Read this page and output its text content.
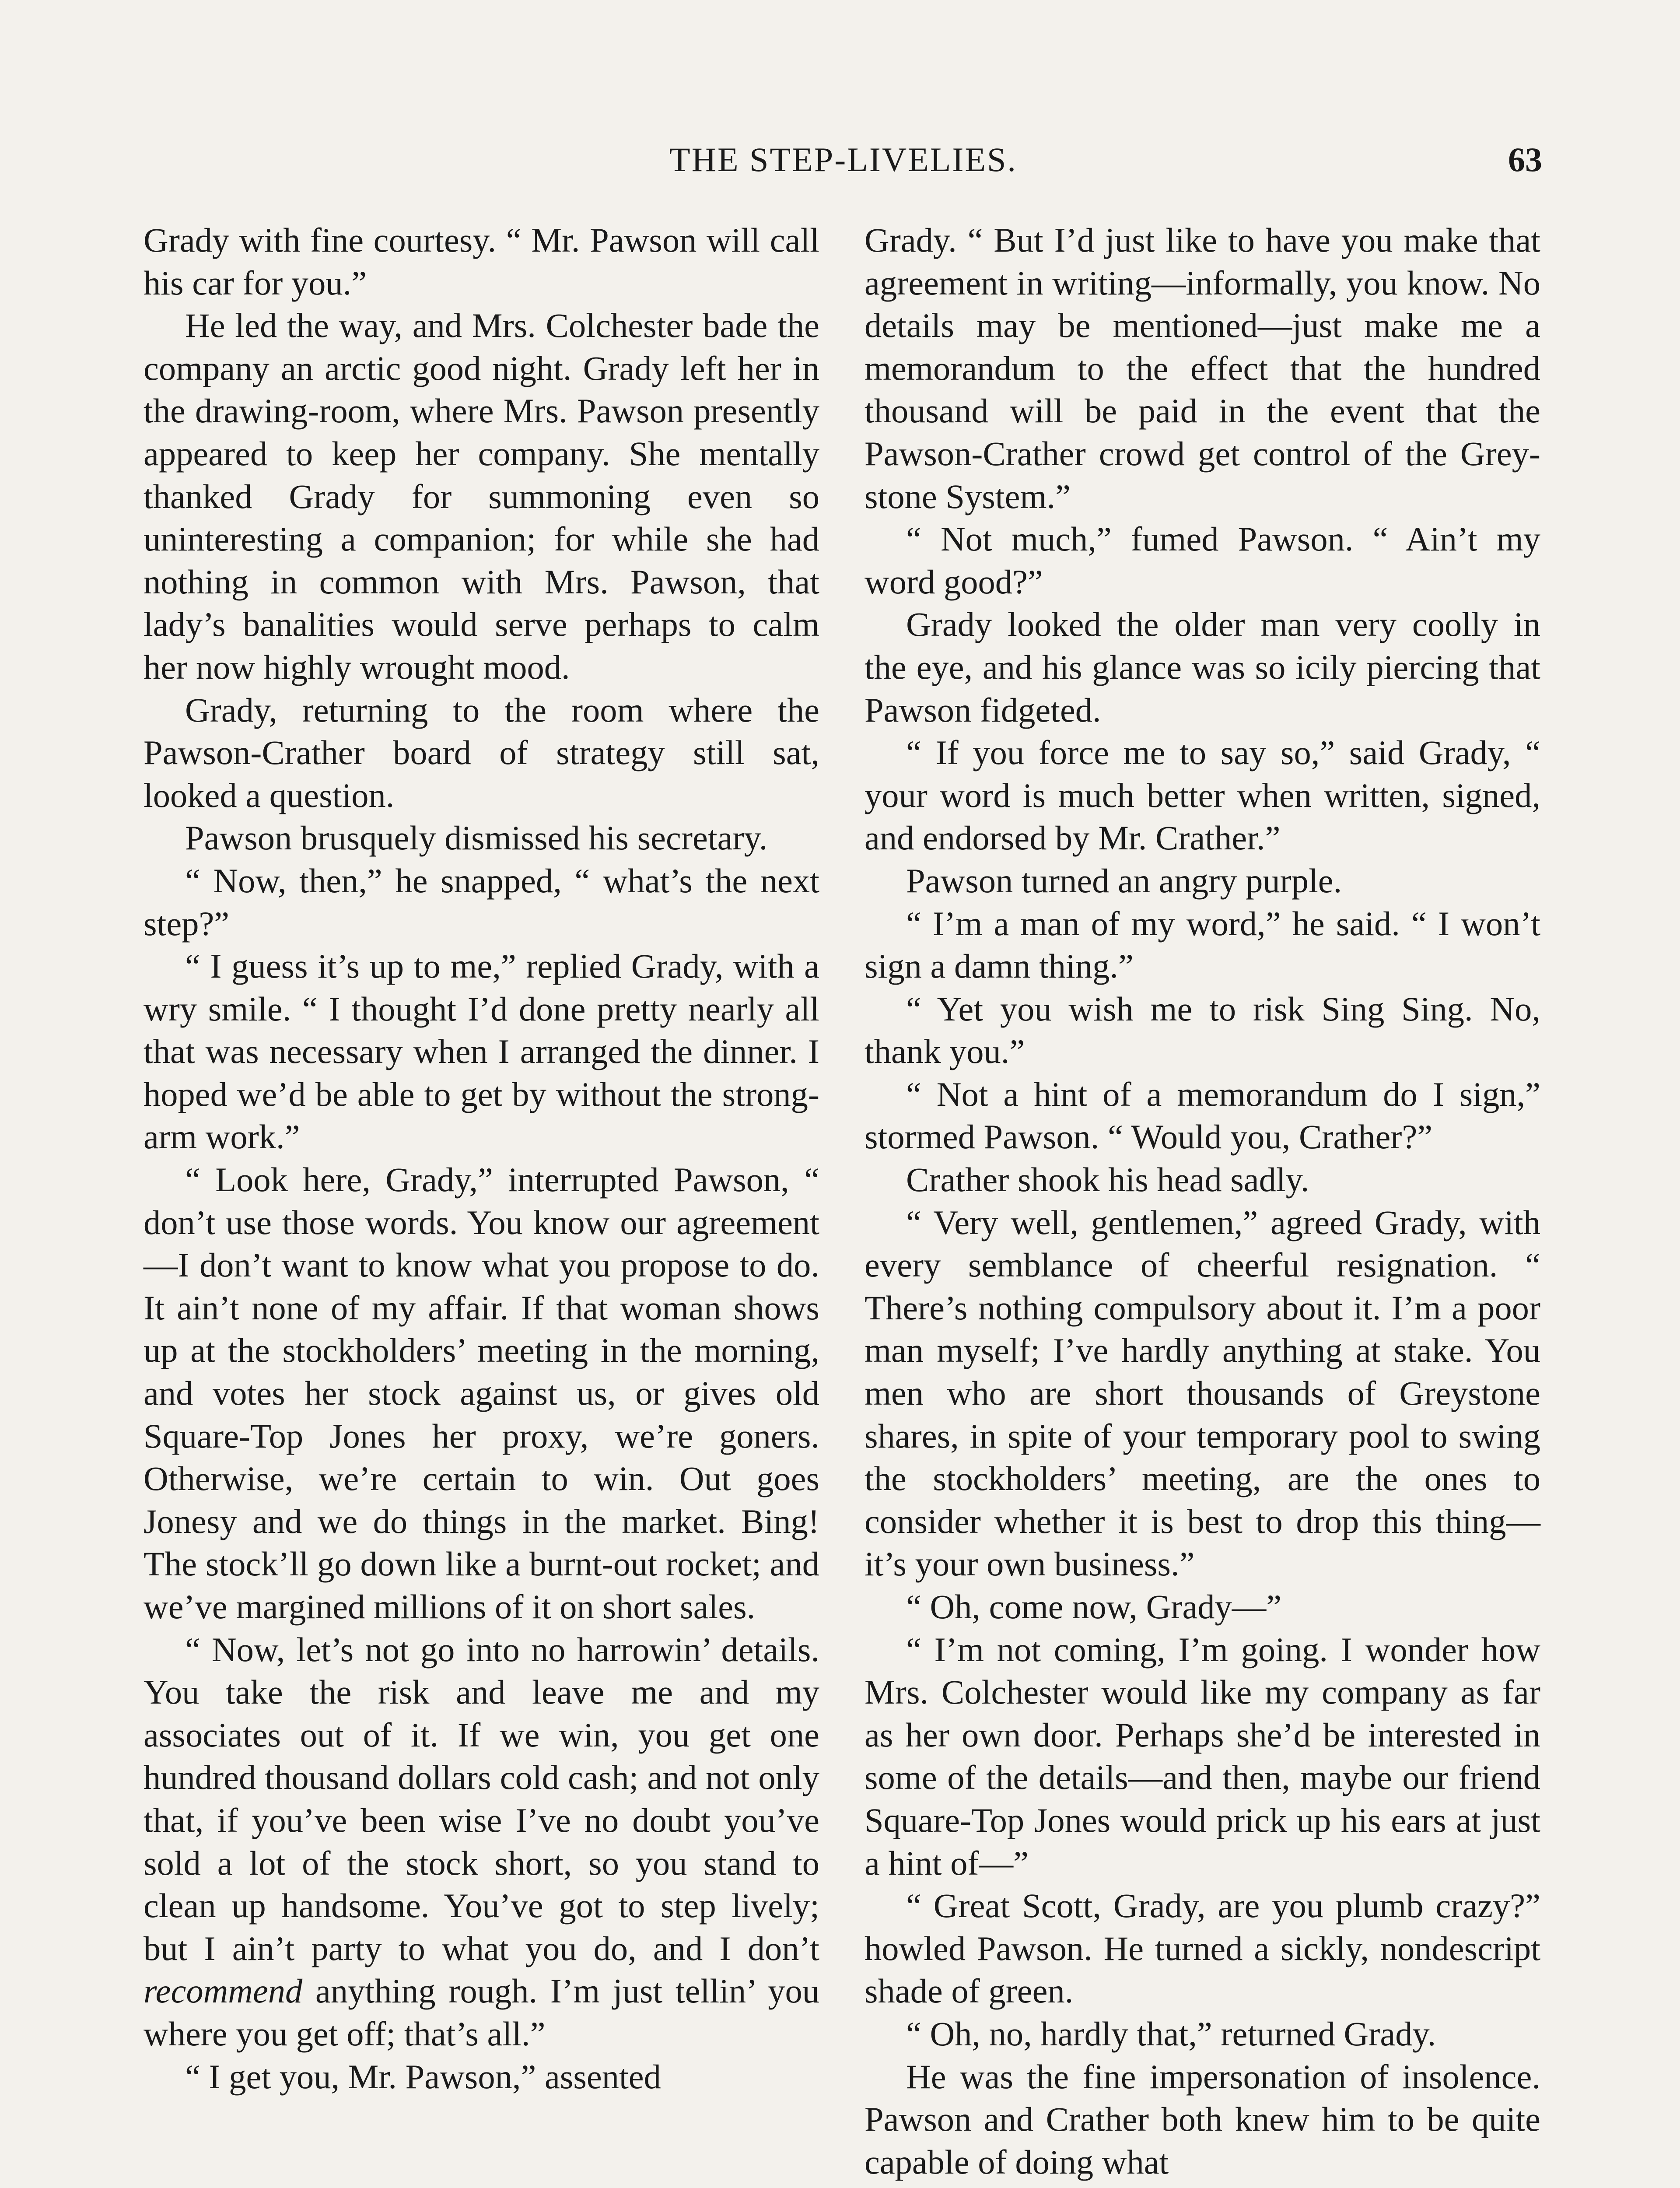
THE STEP-LIVELIES.	63

Grady with fine courtesy. “ Mr. Pawson will call his car for you.”

He led the way, and Mrs. Colchester bade the company an arctic good night. Grady left her in the drawing-room, where Mrs. Pawson presently appeared to keep her company. She mentally thanked Grady for summoning even so uninteresting a companion; for while she had nothing in common with Mrs. Pawson, that lady’s banalities would serve perhaps to calm her now highly wrought mood.

Grady, returning to the room where the Pawson-Crather board of strategy still sat, looked a question.

Pawson brusquely dismissed his secretary.

“ Now, then,” he snapped, “ what’s the next step?”

“ I guess it’s up to me,” replied Grady, with a wry smile. “ I thought I’d done pretty nearly all that was necessary when I arranged the dinner. I hoped we’d be able to get by without the strong-arm work.”

“ Look here, Grady,” interrupted Pawson, “ don’t use those words. You know our agreement—I don’t want to know what you propose to do. It ain’t none of my affair. If that woman shows up at the stockholders’ meeting in the morning, and votes her stock against us, or gives old Square-Top Jones her proxy, we’re goners. Otherwise, we’re certain to win. Out goes Jonesy and we do things in the market. Bing! The stock’ll go down like a burnt-out rocket; and we’ve margined millions of it on short sales.

“ Now, let’s not go into no harrowin’ details. You take the risk and leave me and my associates out of it. If we win, you get one hundred thousand dollars cold cash; and not only that, if you’ve been wise I’ve no doubt you’ve sold a lot of the stock short, so you stand to clean up handsome. You’ve got to step lively; but I ain’t party to what you do, and I don’t recommend anything rough. I’m just tellin’ you where you get off; that’s all.”

“ I get you, Mr. Pawson,” assented

Grady. “ But I’d just like to have you make that agreement in writing—informally, you know. No details may be mentioned—just make me a memorandum to the effect that the hundred thousand will be paid in the event that the Pawson-Crather crowd get control of the Greystone System.”

“ Not much,” fumed Pawson. “ Ain’t my word good?”

Grady looked the older man very coolly in the eye, and his glance was so icily piercing that Pawson fidgeted.

“ If you force me to say so,” said Grady, “ your word is much better when written, signed, and endorsed by Mr. Crather.”

Pawson turned an angry purple.

“ I’m a man of my word,” he said. “ I won’t sign a damn thing.”

“ Yet you wish me to risk Sing Sing. No, thank you.”

“ Not a hint of a memorandum do I sign,” stormed Pawson. “ Would you, Crather?”

Crather shook his head sadly.

“ Very well, gentlemen,” agreed Grady, with every semblance of cheerful resignation. “ There’s nothing compulsory about it. I’m a poor man myself; I’ve hardly anything at stake. You men who are short thousands of Greystone shares, in spite of your temporary pool to swing the stockholders’ meeting, are the ones to consider whether it is best to drop this thing—it’s your own business.”

“ Oh, come now, Grady—”

“ I’m not coming, I’m going. I wonder how Mrs. Colchester would like my company as far as her own door. Perhaps she’d be interested in some of the details—and then, maybe our friend Square-Top Jones would prick up his ears at just a hint of—”

“ Great Scott, Grady, are you plumb crazy?” howled Pawson. He turned a sickly, nondescript shade of green.

“ Oh, no, hardly that,” returned Grady.

He was the fine impersonation of insolence. Pawson and Crather both knew him to be quite capable of doing what
